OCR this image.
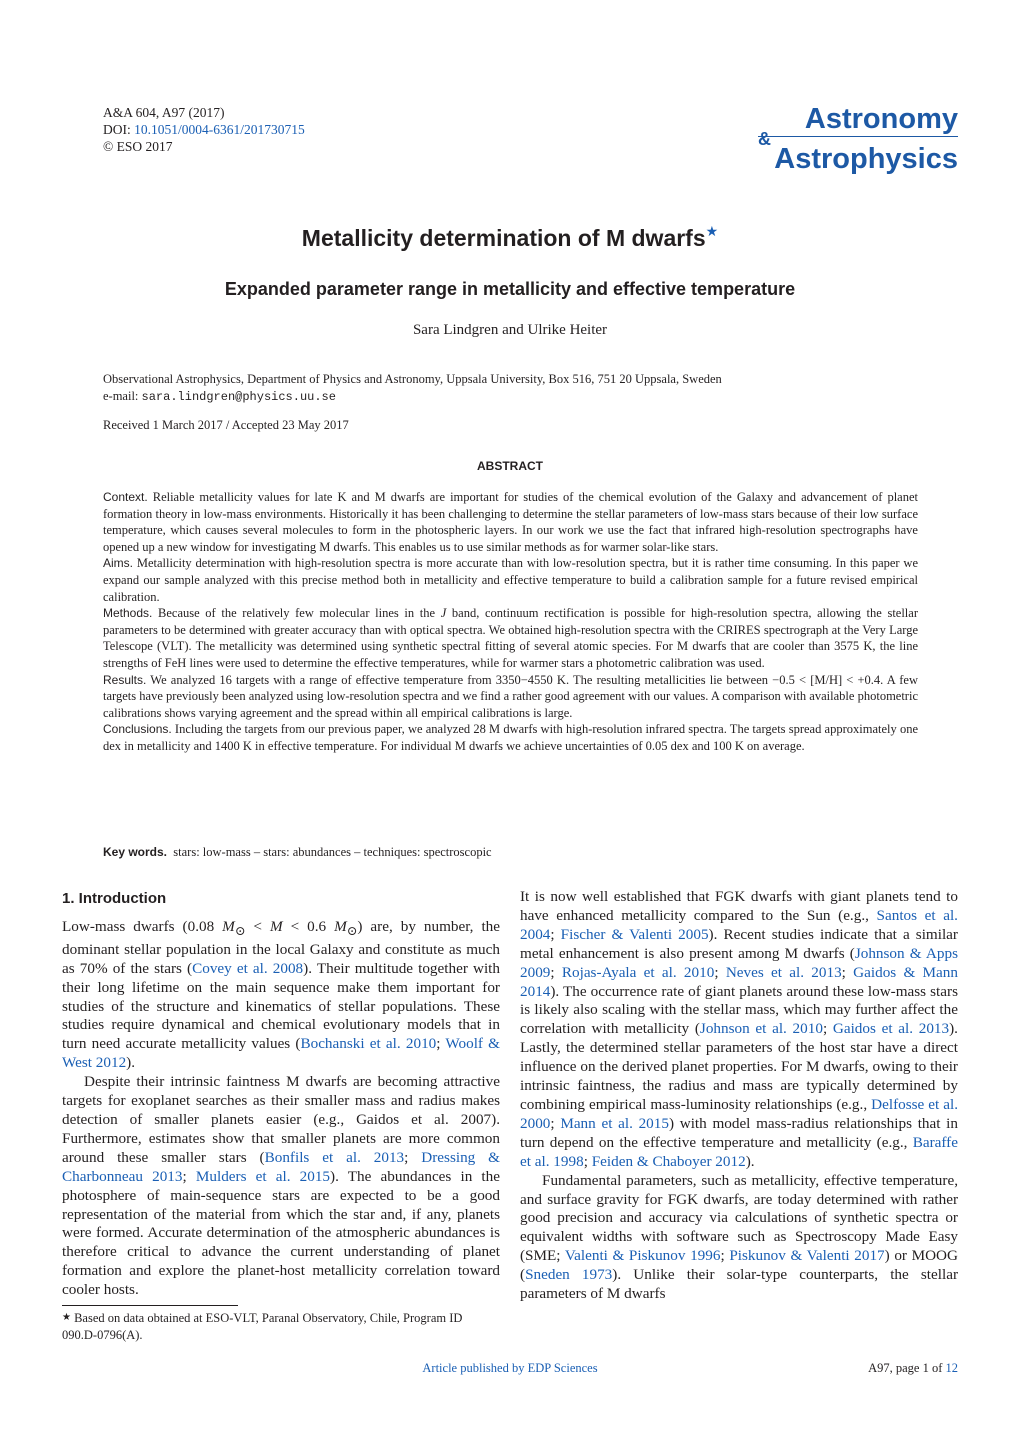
A&A 604, A97 (2017)
DOI: 10.1051/0004-6361/201730715
© ESO 2017
Astronomy
&
Astrophysics
Metallicity determination of M dwarfs★
Expanded parameter range in metallicity and effective temperature
Sara Lindgren and Ulrike Heiter
Observational Astrophysics, Department of Physics and Astronomy, Uppsala University, Box 516, 751 20 Uppsala, Sweden
e-mail: sara.lindgren@physics.uu.se
Received 1 March 2017 / Accepted 23 May 2017
ABSTRACT

Context. Reliable metallicity values for late K and M dwarfs are important for studies of the chemical evolution of the Galaxy and advancement of planet formation theory in low-mass environments. Historically it has been challenging to determine the stellar parameters of low-mass stars because of their low surface temperature, which causes several molecules to form in the photospheric layers. In our work we use the fact that infrared high-resolution spectrographs have opened up a new window for investigating M dwarfs. This enables us to use similar methods as for warmer solar-like stars.

Aims. Metallicity determination with high-resolution spectra is more accurate than with low-resolution spectra, but it is rather time consuming. In this paper we expand our sample analyzed with this precise method both in metallicity and effective temperature to build a calibration sample for a future revised empirical calibration.

Methods. Because of the relatively few molecular lines in the J band, continuum rectification is possible for high-resolution spectra, allowing the stellar parameters to be determined with greater accuracy than with optical spectra. We obtained high-resolution spectra with the CRIRES spectrograph at the Very Large Telescope (VLT). The metallicity was determined using synthetic spectral fitting of several atomic species. For M dwarfs that are cooler than 3575 K, the line strengths of FeH lines were used to determine the effective temperatures, while for warmer stars a photometric calibration was used.

Results. We analyzed 16 targets with a range of effective temperature from 3350−4550 K. The resulting metallicities lie between −0.5 < [M/H] < +0.4. A few targets have previously been analyzed using low-resolution spectra and we find a rather good agreement with our values. A comparison with available photometric calibrations shows varying agreement and the spread within all empirical calibrations is large.

Conclusions. Including the targets from our previous paper, we analyzed 28 M dwarfs with high-resolution infrared spectra. The targets spread approximately one dex in metallicity and 1400 K in effective temperature. For individual M dwarfs we achieve uncertainties of 0.05 dex and 100 K on average.

Key words. stars: low-mass – stars: abundances – techniques: spectroscopic
1. Introduction

Low-mass dwarfs (0.08 $M_⊙ < M < 0.6$ $M_⊙$) are, by number, the dominant stellar population in the local Galaxy and constitute as much as 70% of the stars (Covey et al. 2008). Their multitude together with their long lifetime on the main sequence make them important for studies of the structure and kinematics of stellar populations. These studies require dynamical and chemical evolutionary models that in turn need accurate metallicity values (Bochanski et al. 2010; Woolf & West 2012).

Despite their intrinsic faintness M dwarfs are becoming attractive targets for exoplanet searches as their smaller mass and radius makes detection of smaller planets easier (e.g., Gaidos et al. 2007). Furthermore, estimates show that smaller planets are more common around these smaller stars (Bonfils et al. 2013; Dressing & Charbonneau 2013; Mulders et al. 2015). The abundances in the photosphere of main-sequence stars are expected to be a good representation of the material from which the star and, if any, planets were formed. Accurate determination of the atmospheric abundances is therefore critical to advance the current understanding of planet formation and explore the planet-host metallicity correlation toward cooler hosts.

It is now well established that FGK dwarfs with giant planets tend to have enhanced metallicity compared to the Sun (e.g., Santos et al. 2004; Fischer & Valenti 2005). Recent studies indicate that a similar metal enhancement is also present among M dwarfs (Johnson & Apps 2009; Rojas-Ayala et al. 2010; Neves et al. 2013; Gaidos & Mann 2014). The occurrence rate of giant planets around these low-mass stars is likely also scaling with the stellar mass, which may further affect the correlation with metallicity (Johnson et al. 2010; Gaidos et al. 2013). Lastly, the determined stellar parameters of the host star have a direct influence on the derived planet properties. For M dwarfs, owing to their intrinsic faintness, the radius and mass are typically determined by combining empirical mass-luminosity relationships (e.g., Delfosse et al. 2000; Mann et al. 2015) with model mass-radius relationships that in turn depend on the effective temperature and metallicity (e.g., Baraffe et al. 1998; Feiden & Chaboyer 2012).

Fundamental parameters, such as metallicity, effective temperature, and surface gravity for FGK dwarfs, are today determined with rather good precision and accuracy via calculations of synthetic spectra or equivalent widths with software such as Spectroscopy Made Easy (SME; Valenti & Piskunov 1996; Piskunov & Valenti 2017) or MOOG (Sneden 1973). Unlike their solar-type counterparts, the stellar parameters of M dwarfs

★ Based on data obtained at ESO-VLT, Paranal Observatory, Chile, Program ID 090.D-0796(A).
Article published by EDP Sciences	A97, page 1 of 12
